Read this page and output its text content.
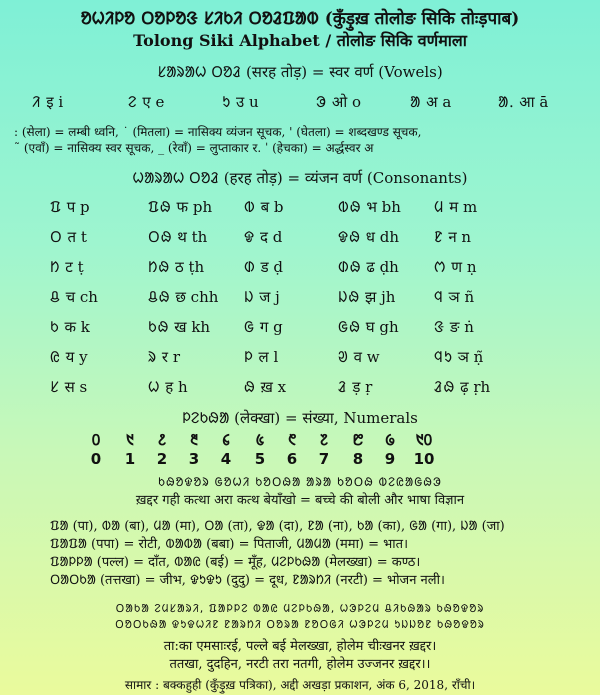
ᱚᱦᱤᱞᱚ ᱛᱚᱞᱚᱝ ᱥᱤᱠᱤ ᱛᱚᱲᱯᱟᱵ (कुँड़ुख़ तोलोङ सिकि तोःड़पाब)
Tolong Siki Alphabet / तोलोङ सिकि वर्णमाला
ᱥᱟᱨᱟᱦ ᱛᱚᱲ (सरह तोड़) = स्वर वर्ण (Vowels)
ᱤ इ i	ᱮ ए e	ᱩ उ u	ᱳ ओ o	ᱟ अ a	ᱟᱹ आ ā
: (सेला) = लम्बी ध्वनि, ˙ (मितला) = नासिक्य व्यंजन सूचक, ' (घेतला) = शब्दखण्ड सूचक,
˜ (एवाँ) = नासिक्य स्वर सूचक, _ (रेवाँ) = लुप्ताकार र. ˈ (हेचका) = अर्द्धस्वर अ
ᱦᱟᱨᱟᱦ ᱛᱚᱲ (हरह तोड़) = व्यंजन वर्ण (Consonants)
ᱯ प p	ᱯᱷ फ ph ᱵ ब b	ᱵᱷ भ bh ᱢ म m
ᱛ त t	ᱛᱷ थ th ᱫ द d	ᱫᱷ ध dh ᱱ न n
ᱴ ट ṭ	ᱴᱷ ठ ṭh	ᱰ ड ḍ	ᱰᱷ ढ ḍh ᱬ ण ṇ
ᱪ च ch	ᱪᱷ छ chh ᱡ ज j	ᱡᱷ झ jh	ᱧ ञ ñ
ᱠ क k	ᱠᱷ ख kh ᱜ ग g	ᱜᱷ घ gh ᱝ ङ ṅ
ᱭ य y	ᱨ र r	ᱞ ल l	ᱣ व w	ᱧᱩ ञ ṇ̃
ᱥ स s	ᱦ ह h	ᱷ ख़ x	ᱲ ड़ ṛ	ᱲᱷ ढ़ ṛh
ᱞᱮᱠᱷᱟ (लेक्खा) = संख्या, Numerals
᱐	᱑	᱒	᱓	᱔	᱕	᱖	᱗	᱘	᱙	᱑᱐
0	1	2	3	4	5	6	7	8	9	10
ᱠᱷᱚᱫᱚᱨ ᱜᱚᱦᱤ ᱠᱚᱛᱷᱟ ᱟᱨᱟ ᱠᱚᱛᱷ ᱵᱮᱭᱟᱜᱷᱳ
ख़द्दर गही कत्था अरा कत्थ बेयाँखो = बच्चे की बोली और भाषा विज्ञान
ᱯᱟ (पा), ᱵᱟ (बा), ᱢᱟ (मा), ᱛᱟ (ता), ᱫᱟ (दा), ᱱᱟ (ना), ᱠᱟ (का), ᱜᱟ (गा), ᱡᱟ (जा)
ᱯᱟᱯᱟ (पपा) = रोटी, ᱵᱟᱵᱟ (बबा) = पिताजी, ᱢᱟᱢᱟ (ममा) = भात।
ᱯᱟᱞᱞᱟ (पल्ल) = दाँत, ᱵᱟᱭ (बई) = मूँह, ᱢᱮᱞᱠᱷᱟ (मेलख्खा) = कण्ठ।
ᱛᱟᱛᱠᱟ (तत्तखा) = जीभ, ᱫᱩᱫᱩ (दुदु) = दूध, ᱱᱟᱨᱴᱤ (नरटी) = भोजन नली।
ᱛᱟᱠᱟ ᱮᱢᱥᱟᱨᱤ, ᱯᱟᱞᱞᱮ ᱵᱟᱭ ᱢᱮᱞᱠᱷᱟ, ᱦᱳᱞᱮᱢ ᱪᱤᱠᱷᱟᱨ ᱠᱷᱚᱫᱚᱨ
ᱛᱚᱛᱠᱷᱟ ᱫᱩᱫᱦᱤᱱ ᱱᱟᱨᱴᱤ ᱛᱚᱨᱟ ᱱᱚᱛᱜᱤ ᱦᱳᱞᱮᱢ ᱩᱡᱡᱚᱱ ᱠᱷᱚᱫᱚᱨ
ता:का एमसाःरई, पल्ले बई मेलख्खा, होलेम चीःखनर ख़द्दर।
ततखा, दुदहिन, नरटी तरा नतगी, होलेम उज्जनर ख़द्दर।।
सामार : बक्कहुही (कुँड़ुख़ पत्रिका), अद्दी अखड़ा प्रकाशन, अंक 6, 2018, राँची।
